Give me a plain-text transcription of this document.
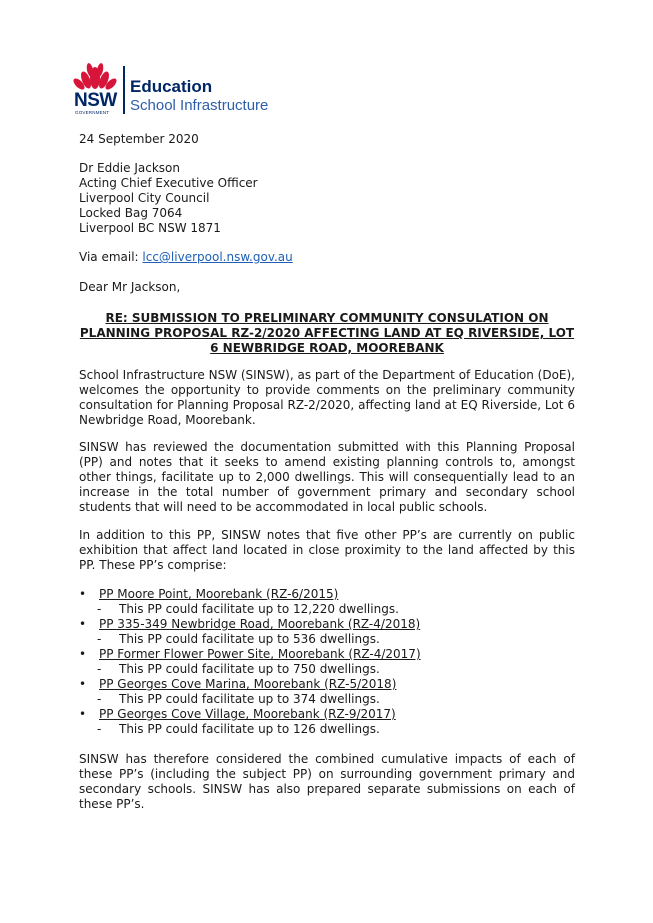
NSW
GOVERNMENT
Education
School Infrastructure
24 September 2020
Dr Eddie Jackson
Acting Chief Executive Officer
Liverpool City Council
Locked Bag 7064
Liverpool BC NSW 1871
Via email: lcc@liverpool.nsw.gov.au
Dear Mr Jackson,
RE: SUBMISSION TO PRELIMINARY COMMUNITY CONSULATION ON PLANNING PROPOSAL RZ-2/2020 AFFECTING LAND AT EQ RIVERSIDE, LOT 6 NEWBRIDGE ROAD, MOOREBANK

School Infrastructure NSW (SINSW), as part of the Department of Education (DoE), welcomes the opportunity to provide comments on the preliminary community consultation for Planning Proposal RZ-2/2020, affecting land at EQ Riverside, Lot 6 Newbridge Road, Moorebank.

SINSW has reviewed the documentation submitted with this Planning Proposal (PP) and notes that it seeks to amend existing planning controls to, amongst other things, facilitate up to 2,000 dwellings. This will consequentially lead to an increase in the total number of government primary and secondary school students that will need to be accommodated in local public schools.

In addition to this PP, SINSW notes that five other PP’s are currently on public exhibition that affect land located in close proximity to the land affected by this PP. These PP’s comprise:

• PP Moore Point, Moorebank (RZ-6/2015)
- This PP could facilitate up to 12,220 dwellings.
• PP 335-349 Newbridge Road, Moorebank (RZ-4/2018)
- This PP could facilitate up to 536 dwellings.
• PP Former Flower Power Site, Moorebank (RZ-4/2017)
- This PP could facilitate up to 750 dwellings.
• PP Georges Cove Marina, Moorebank (RZ-5/2018)
- This PP could facilitate up to 374 dwellings.
• PP Georges Cove Village, Moorebank (RZ-9/2017)
- This PP could facilitate up to 126 dwellings.

SINSW has therefore considered the combined cumulative impacts of each of these PP’s (including the subject PP) on surrounding government primary and secondary schools. SINSW has also prepared separate submissions on each of these PP’s.
